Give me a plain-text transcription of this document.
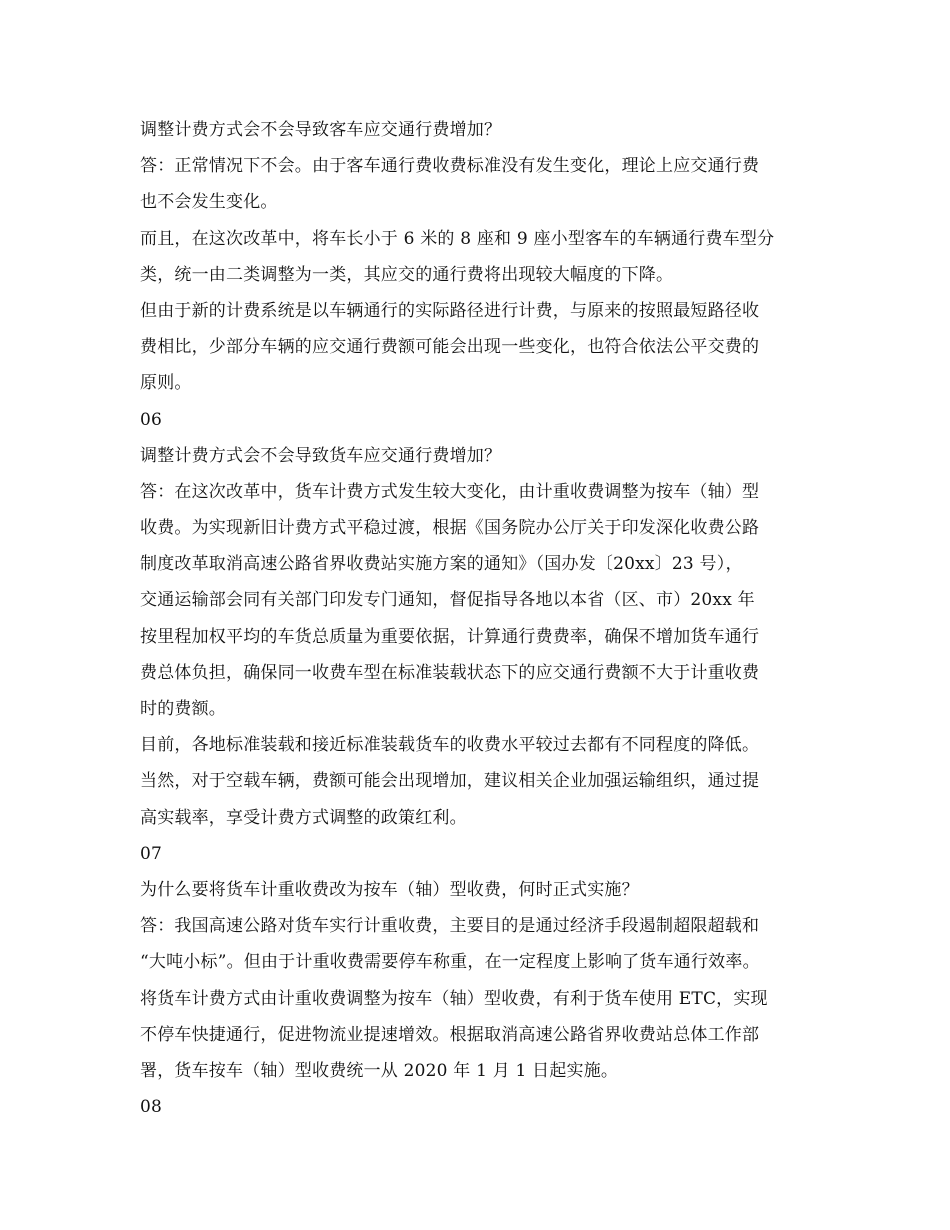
调整计费方式会不会导致客车应交通行费增加？
答：正常情况下不会。由于客车通行费收费标准没有发生变化，理论上应交通行费
也不会发生变化。
而且，在这次改革中，将车长小于 6 米的 8 座和 9 座小型客车的车辆通行费车型分
类，统一由二类调整为一类，其应交的通行费将出现较大幅度的下降。
但由于新的计费系统是以车辆通行的实际路径进行计费，与原来的按照最短路径收
费相比，少部分车辆的应交通行费额可能会出现一些变化，也符合依法公平交费的
原则。
06
调整计费方式会不会导致货车应交通行费增加？
答：在这次改革中，货车计费方式发生较大变化，由计重收费调整为按车（轴）型
收费。为实现新旧计费方式平稳过渡，根据《国务院办公厅关于印发深化收费公路
制度改革取消高速公路省界收费站实施方案的通知》（国办发〔20xx〕23 号），
交通运输部会同有关部门印发专门通知，督促指导各地以本省（区、市）20xx 年
按里程加权平均的车货总质量为重要依据，计算通行费费率，确保不增加货车通行
费总体负担，确保同一收费车型在标准装载状态下的应交通行费额不大于计重收费
时的费额。
目前，各地标准装载和接近标准装载货车的收费水平较过去都有不同程度的降低。
当然，对于空载车辆，费额可能会出现增加，建议相关企业加强运输组织，通过提
高实载率，享受计费方式调整的政策红利。
07
为什么要将货车计重收费改为按车（轴）型收费，何时正式实施？
答：我国高速公路对货车实行计重收费，主要目的是通过经济手段遏制超限超载和
“大吨小标”。但由于计重收费需要停车称重，在一定程度上影响了货车通行效率。
将货车计费方式由计重收费调整为按车（轴）型收费，有利于货车使用 ETC，实现
不停车快捷通行，促进物流业提速增效。根据取消高速公路省界收费站总体工作部
署，货车按车（轴）型收费统一从 2020 年 1 月 1 日起实施。
08
